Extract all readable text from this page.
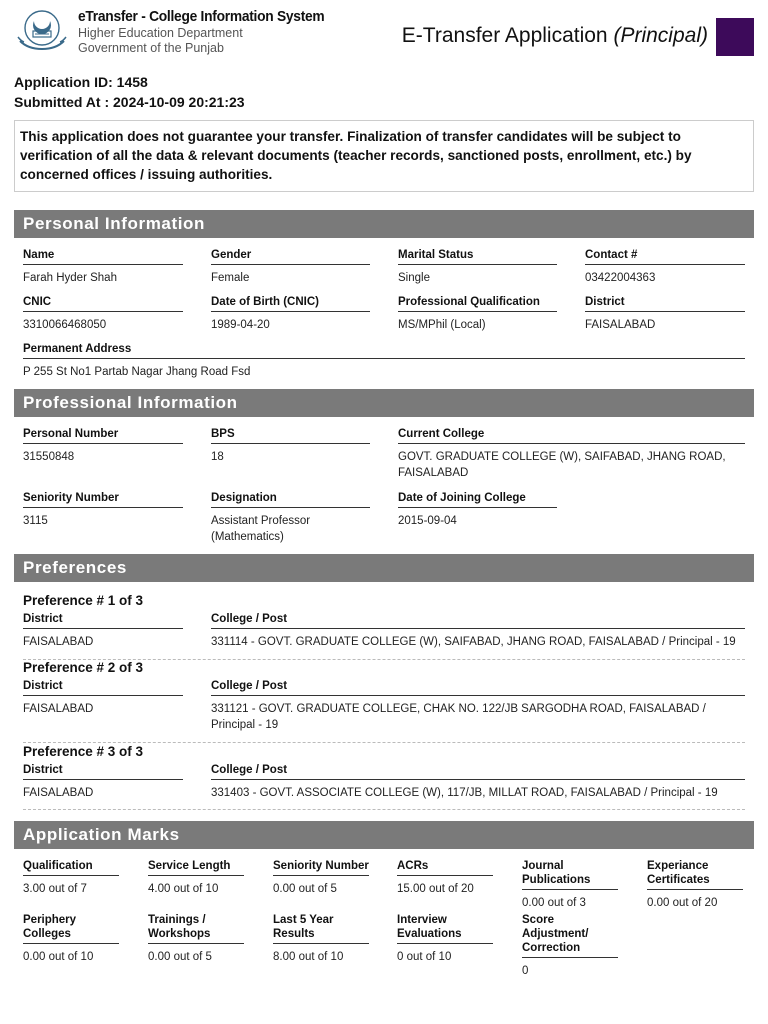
eTransfer - College Information System
Higher Education Department
Government of the Punjab
E-Transfer Application (Principal)
Application ID: 1458
Submitted At : 2024-10-09 20:21:23
This application does not guarantee your transfer. Finalization of transfer candidates will be subject to verification of all the data & relevant documents (teacher records, sanctioned posts, enrollment, etc.) by concerned offices / issuing authorities.
Personal Information
Name
Farah Hyder Shah
Gender
Female
Marital Status
Single
Contact #
03422004363
CNIC
3310066468050
Date of Birth (CNIC)
1989-04-20
Professional Qualification
MS/MPhil (Local)
District
FAISALABAD
Permanent Address
P 255 St No1 Partab Nagar Jhang Road Fsd
Professional Information
Personal Number
31550848
BPS
18
Current College
GOVT. GRADUATE COLLEGE (W), SAIFABAD, JHANG ROAD, FAISALABAD
Seniority Number
3115
Designation
Assistant Professor (Mathematics)
Date of Joining College
2015-09-04
Preferences
Preference # 1 of 3
District
FAISALABAD
College / Post
331114 - GOVT. GRADUATE COLLEGE (W), SAIFABAD, JHANG ROAD, FAISALABAD / Principal - 19
Preference # 2 of 3
District
FAISALABAD
College / Post
331121 - GOVT. GRADUATE COLLEGE, CHAK NO. 122/JB SARGODHA ROAD, FAISALABAD / Principal - 19
Preference # 3 of 3
District
FAISALABAD
College / Post
331403 - GOVT. ASSOCIATE COLLEGE (W), 117/JB, MILLAT ROAD, FAISALABAD / Principal - 19
Application Marks
Qualification
3.00 out of 7
Service Length
4.00 out of 10
Seniority Number
0.00 out of 5
ACRs
15.00 out of 20
Journal Publications
0.00 out of 3
Experiance Certificates
0.00 out of 20
Periphery Colleges
0.00 out of 10
Trainings / Workshops
0.00 out of 5
Last 5 Year Results
8.00 out of 10
Interview Evaluations
0 out of 10
Score Adjustment/ Correction
0
